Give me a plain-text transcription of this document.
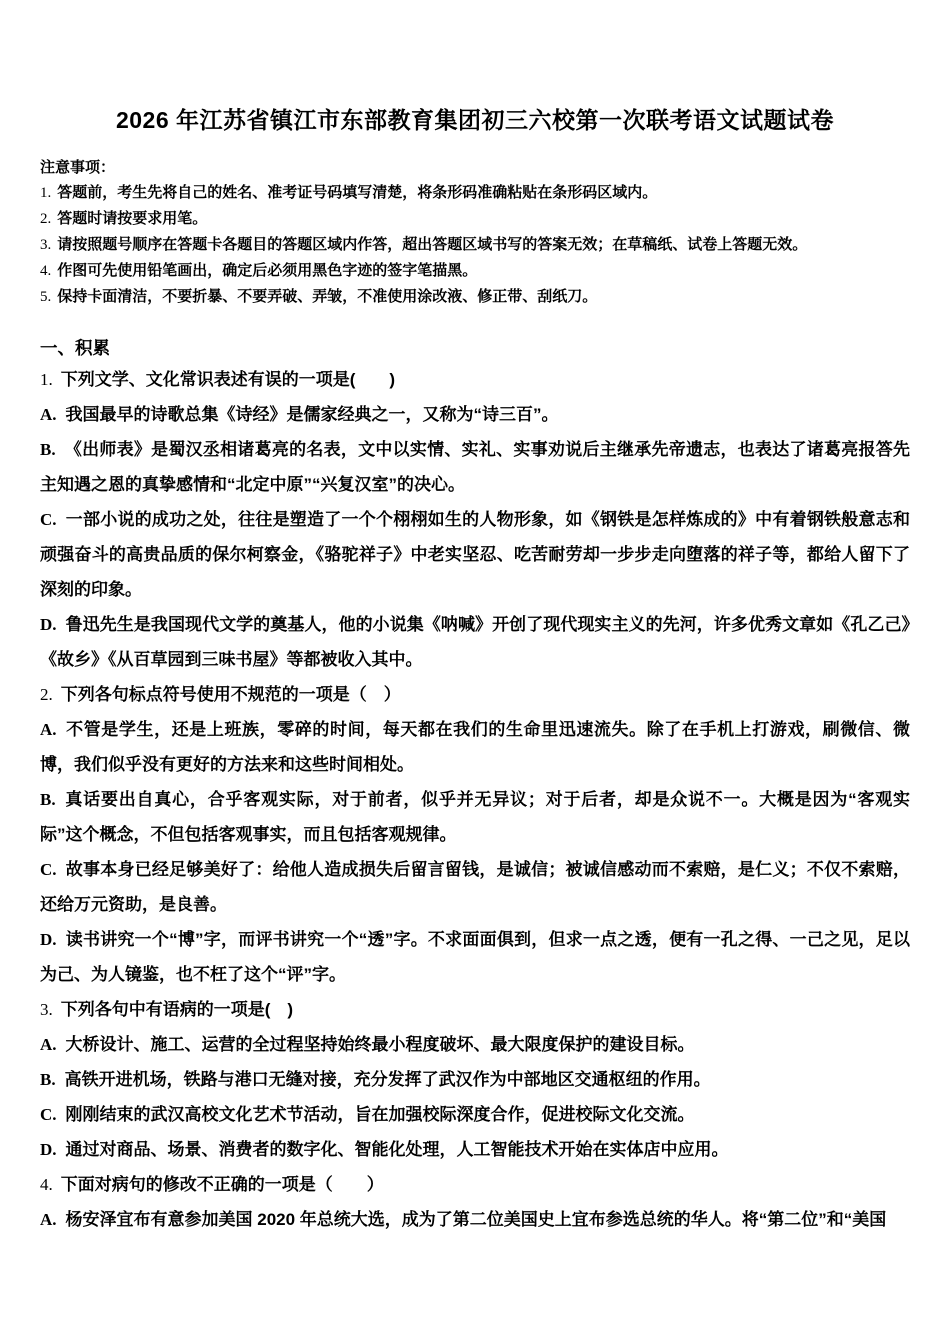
2026 年江苏省镇江市东部教育集团初三六校第一次联考语文试题试卷

注意事项：

1. 答题前，考生先将自己的姓名、准考证号码填写清楚，将条形码准确粘贴在条形码区域内。

2. 答题时请按要求用笔。

3. 请按照题号顺序在答题卡各题目的答题区域内作答，超出答题区域书写的答案无效；在草稿纸、试卷上答题无效。

4. 作图可先使用铅笔画出，确定后必须用黑色字迹的签字笔描黑。

5. 保持卡面清洁，不要折暴、不要弄破、弄皱，不准使用涂改液、修正带、刮纸刀。

一、积累

1. 下列文学、文化常识表述有误的一项是(　　)

A. 我国最早的诗歌总集《诗经》是儒家经典之一，又称为“诗三百”。

B. 《出师表》是蜀汉丞相诸葛亮的名表，文中以实情、实礼、实事劝说后主继承先帝遗志，也表达了诸葛亮报答先主知遇之恩的真挚感情和“北定中原”“兴复汉室”的决心。

C. 一部小说的成功之处，往往是塑造了一个个栩栩如生的人物形象，如《钢铁是怎样炼成的》中有着钢铁般意志和顽强奋斗的高贵品质的保尔柯察金，《骆驼祥子》中老实坚忍、吃苦耐劳却一步步走向堕落的祥子等，都给人留下了深刻的印象。

D. 鲁迅先生是我国现代文学的奠基人，他的小说集《呐喊》开创了现代现实主义的先河，许多优秀文章如《孔乙己》《故乡》《从百草园到三味书屋》等都被收入其中。

2. 下列各句标点符号使用不规范的一项是（　）

A. 不管是学生，还是上班族，零碎的时间，每天都在我们的生命里迅速流失。除了在手机上打游戏，刷微信、微博，我们似乎没有更好的方法来和这些时间相处。

B. 真话要出自真心，合乎客观实际，对于前者，似乎并无异议；对于后者，却是众说不一。大概是因为“客观实际”这个概念，不但包括客观事实，而且包括客观规律。

C. 故事本身已经足够美好了：给他人造成损失后留言留钱，是诚信；被诚信感动而不索赔，是仁义；不仅不索赔，还给万元资助，是良善。

D. 读书讲究一个“博”字，而评书讲究一个“透”字。不求面面俱到，但求一点之透，便有一孔之得、一己之见，足以为己、为人镜鉴，也不枉了这个“评”字。

3. 下列各句中有语病的一项是(　)

A. 大桥设计、施工、运营的全过程坚持始终最小程度破坏、最大限度保护的建设目标。

B. 高铁开进机场，铁路与港口无缝对接，充分发挥了武汉作为中部地区交通枢纽的作用。

C. 刚刚结束的武汉高校文化艺术节活动，旨在加强校际深度合作，促进校际文化交流。

D. 通过对商品、场景、消费者的数字化、智能化处理，人工智能技术开始在实体店中应用。

4. 下面对病句的修改不正确的一项是（　　）

A. 杨安泽宜布有意参加美国 2020 年总统大选，成为了第二位美国史上宜布参选总统的华人。将“第二位”和“美国
